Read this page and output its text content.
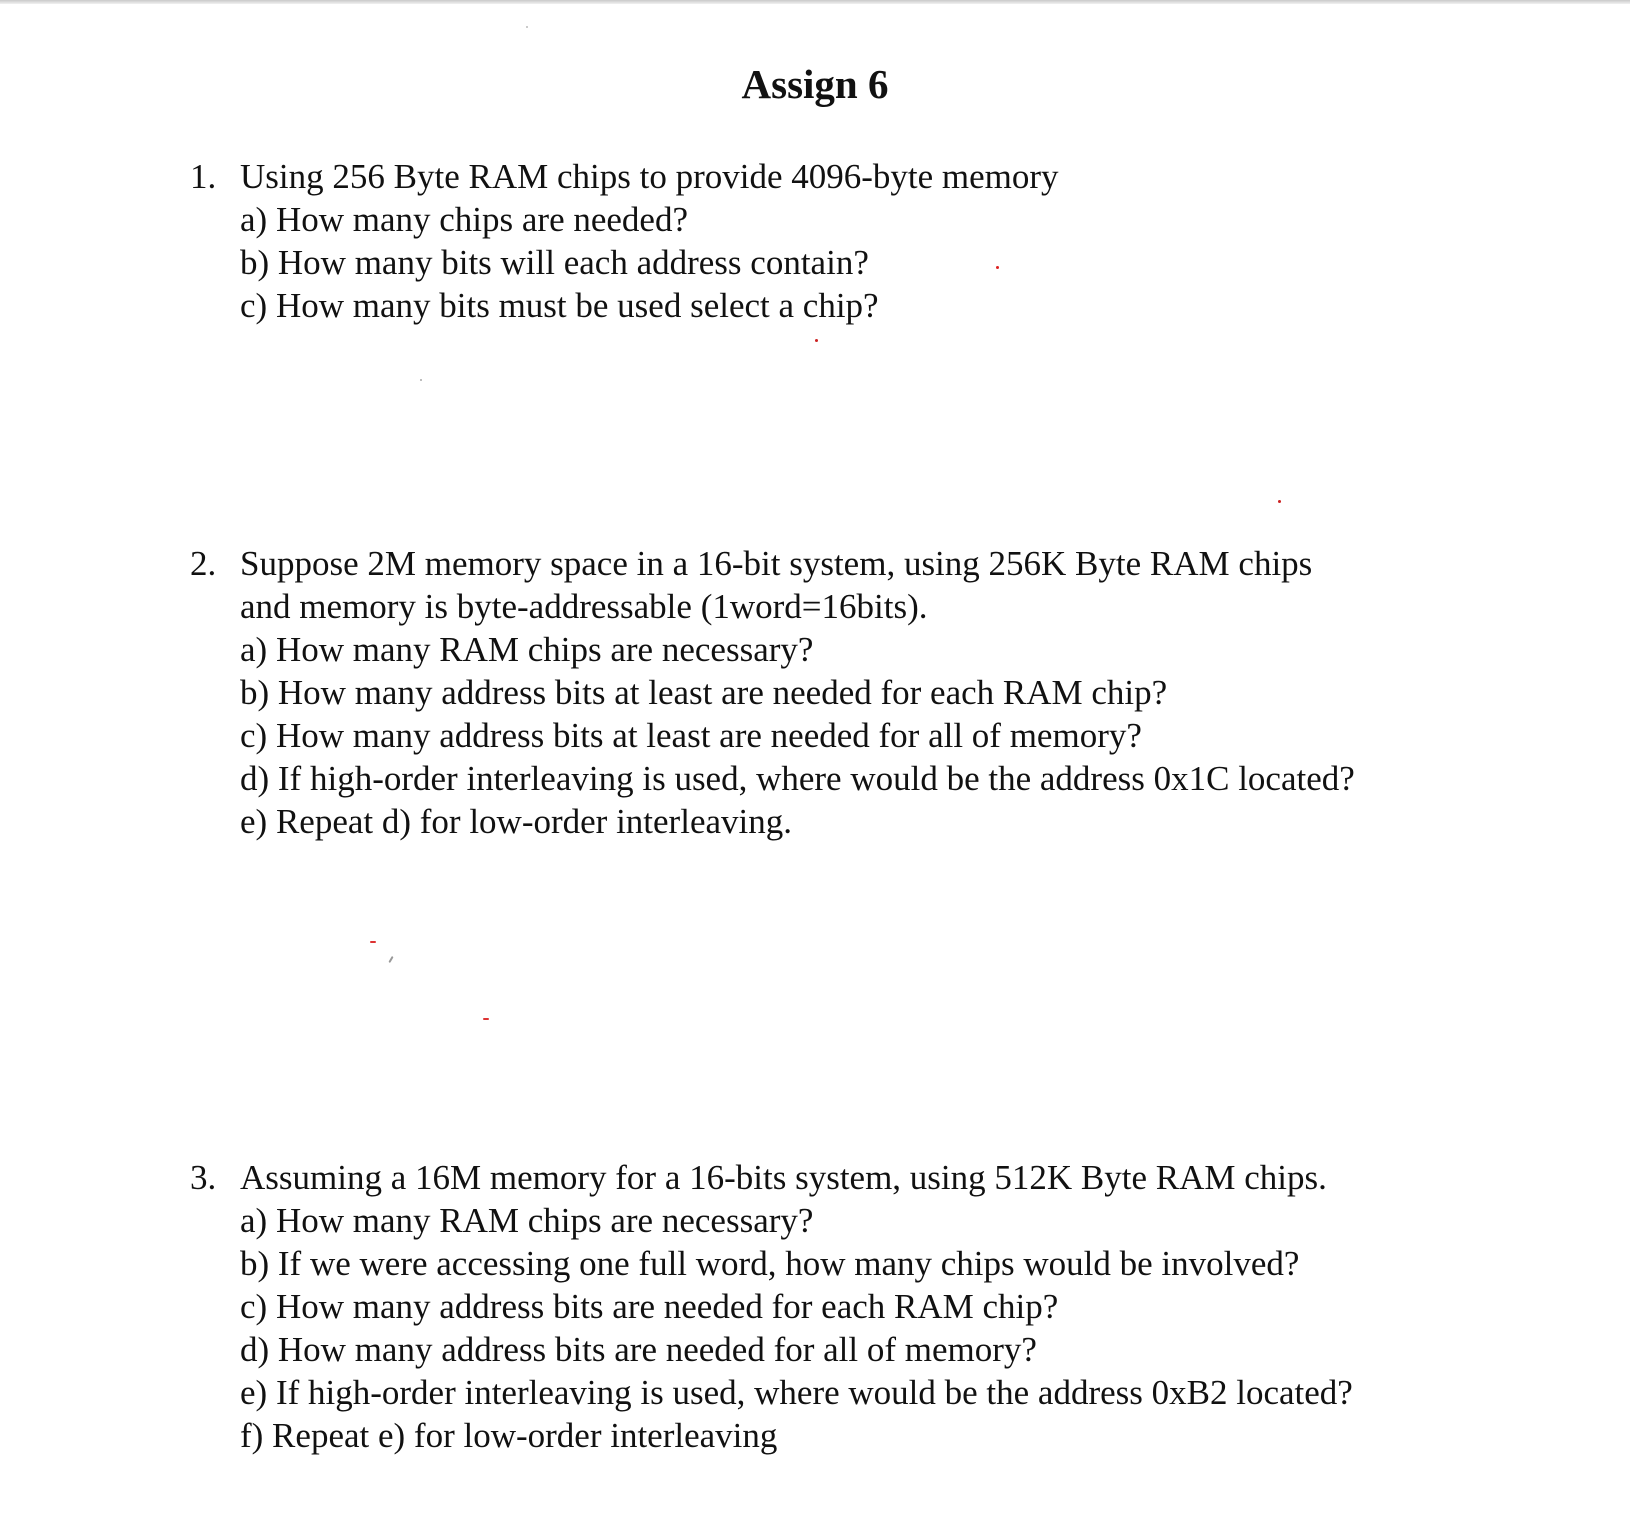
Assign 6
1. Using 256 Byte RAM chips to provide 4096-byte memory
a) How many chips are needed?
b) How many bits will each address contain?
c) How many bits must be used select a chip?
2. Suppose 2M memory space in a 16-bit system, using 256K Byte RAM chips
and memory is byte-addressable (1word=16bits).
a) How many RAM chips are necessary?
b) How many address bits at least are needed for each RAM chip?
c) How many address bits at least are needed for all of memory?
d) If high-order interleaving is used, where would be the address 0x1C located?
e) Repeat d) for low-order interleaving.
3. Assuming a 16M memory for a 16-bits system, using 512K Byte RAM chips.
a) How many RAM chips are necessary?
b) If we were accessing one full word, how many chips would be involved?
c) How many address bits are needed for each RAM chip?
d) How many address bits are needed for all of memory?
e) If high-order interleaving is used, where would be the address 0xB2 located?
f) Repeat e) for low-order interleaving
